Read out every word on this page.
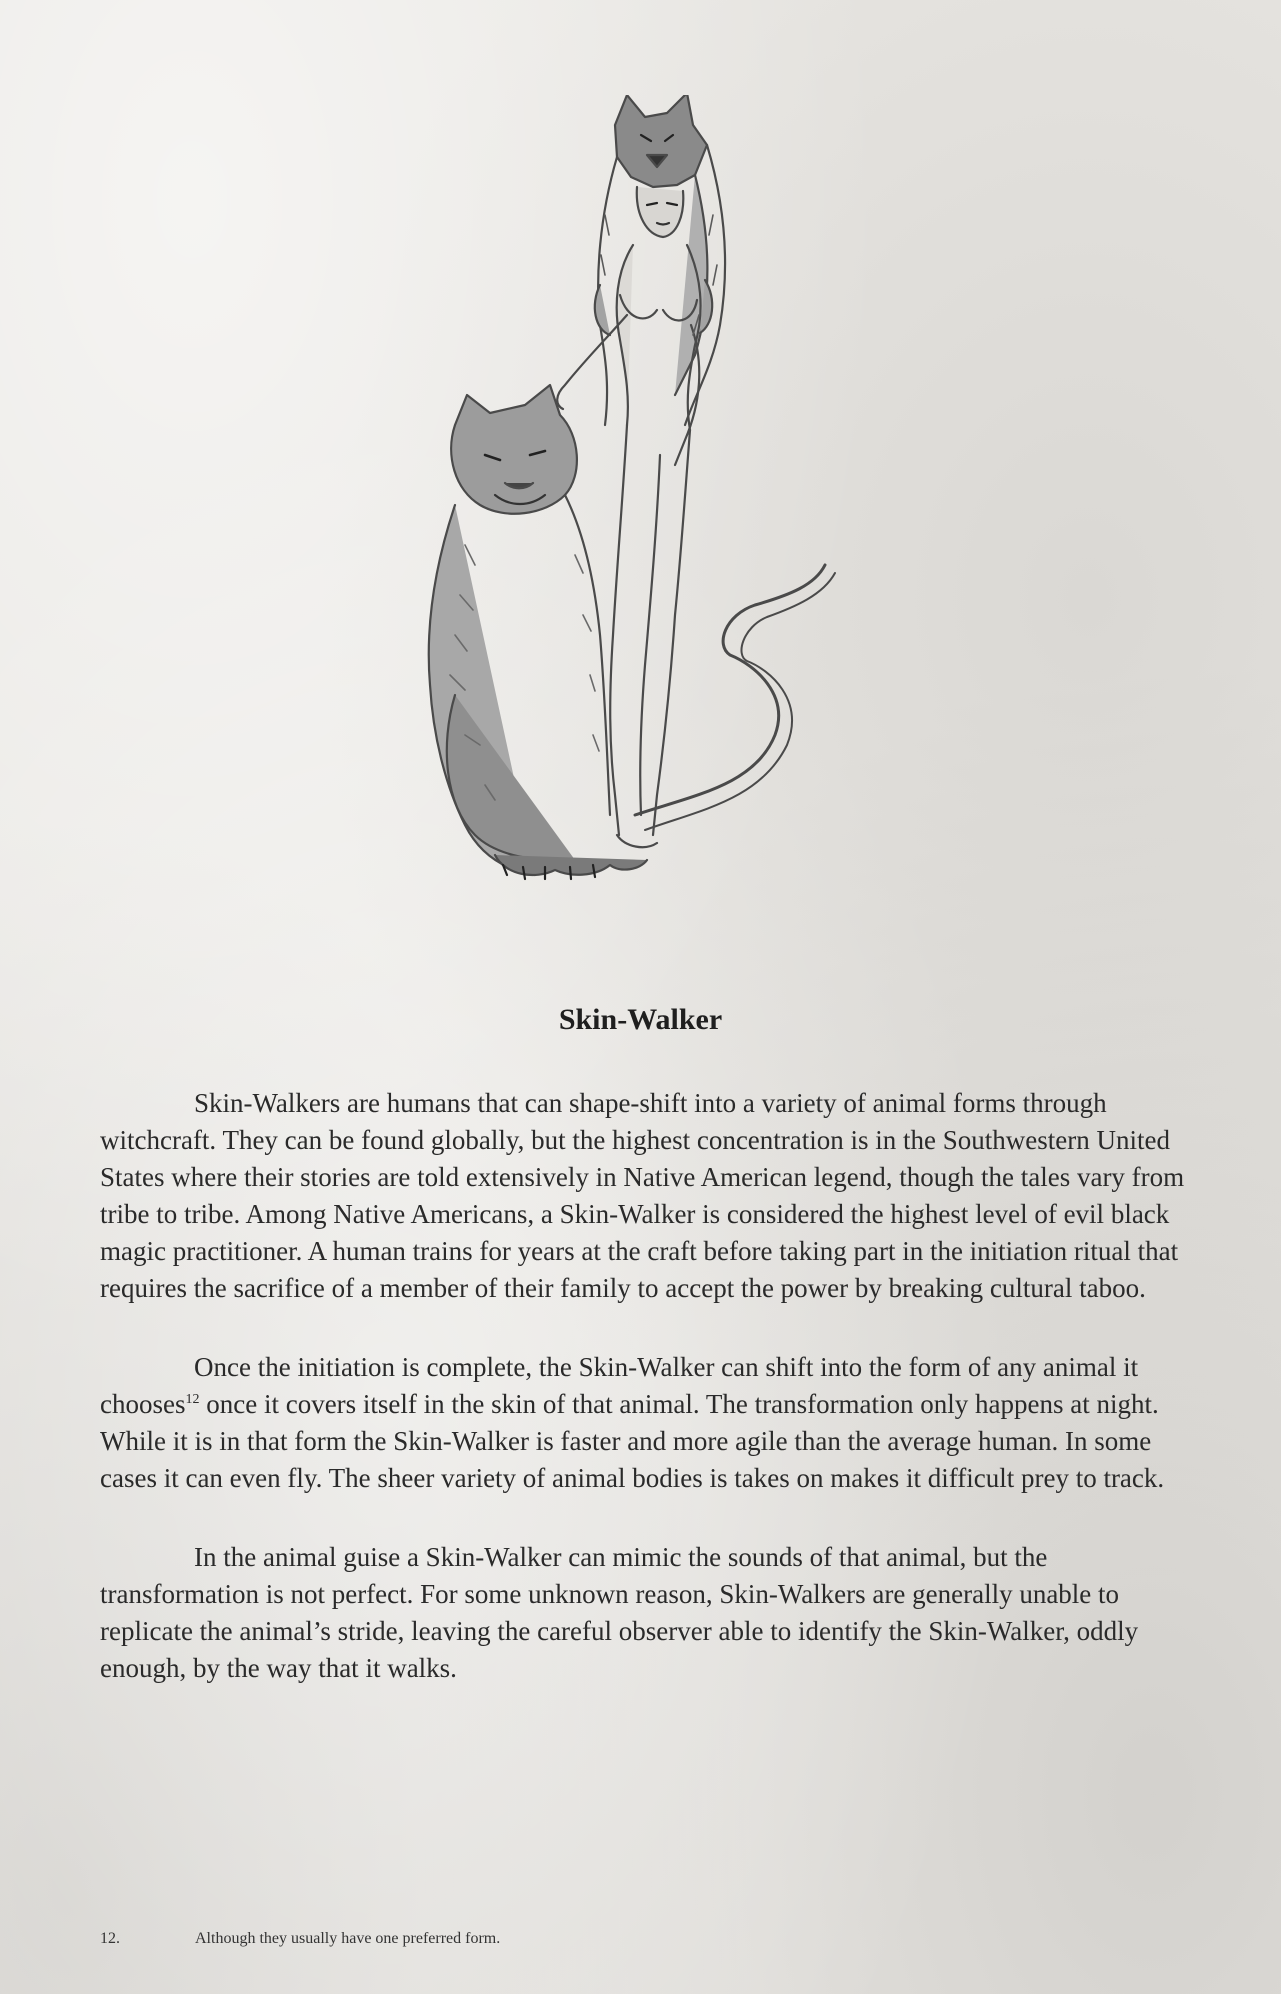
Skin-Walker

Skin-Walkers are humans that can shape-shift into a variety of animal forms through witchcraft. They can be found globally, but the highest concentration is in the Southwestern United States where their stories are told extensively in Native American legend, though the tales vary from tribe to tribe. Among Native Americans, a Skin-Walker is considered the highest level of evil black magic practitioner. A human trains for years at the craft before taking part in the initiation ritual that requires the sacrifice of a member of their family to accept the power by breaking cultural taboo.

Once the initiation is complete, the Skin-Walker can shift into the form of any animal it chooses$^{12}$ once it covers itself in the skin of that animal. The transformation only happens at night. While it is in that form the Skin-Walker is faster and more agile than the average human. In some cases it can even fly. The sheer variety of animal bodies is takes on makes it difficult prey to track.

In the animal guise a Skin-Walker can mimic the sounds of that animal, but the transformation is not perfect. For some unknown reason, Skin-Walkers are generally unable to replicate the animal’s stride, leaving the careful observer able to identify the Skin-Walker, oddly enough, by the way that it walks.

12.	Although they usually have one preferred form.
